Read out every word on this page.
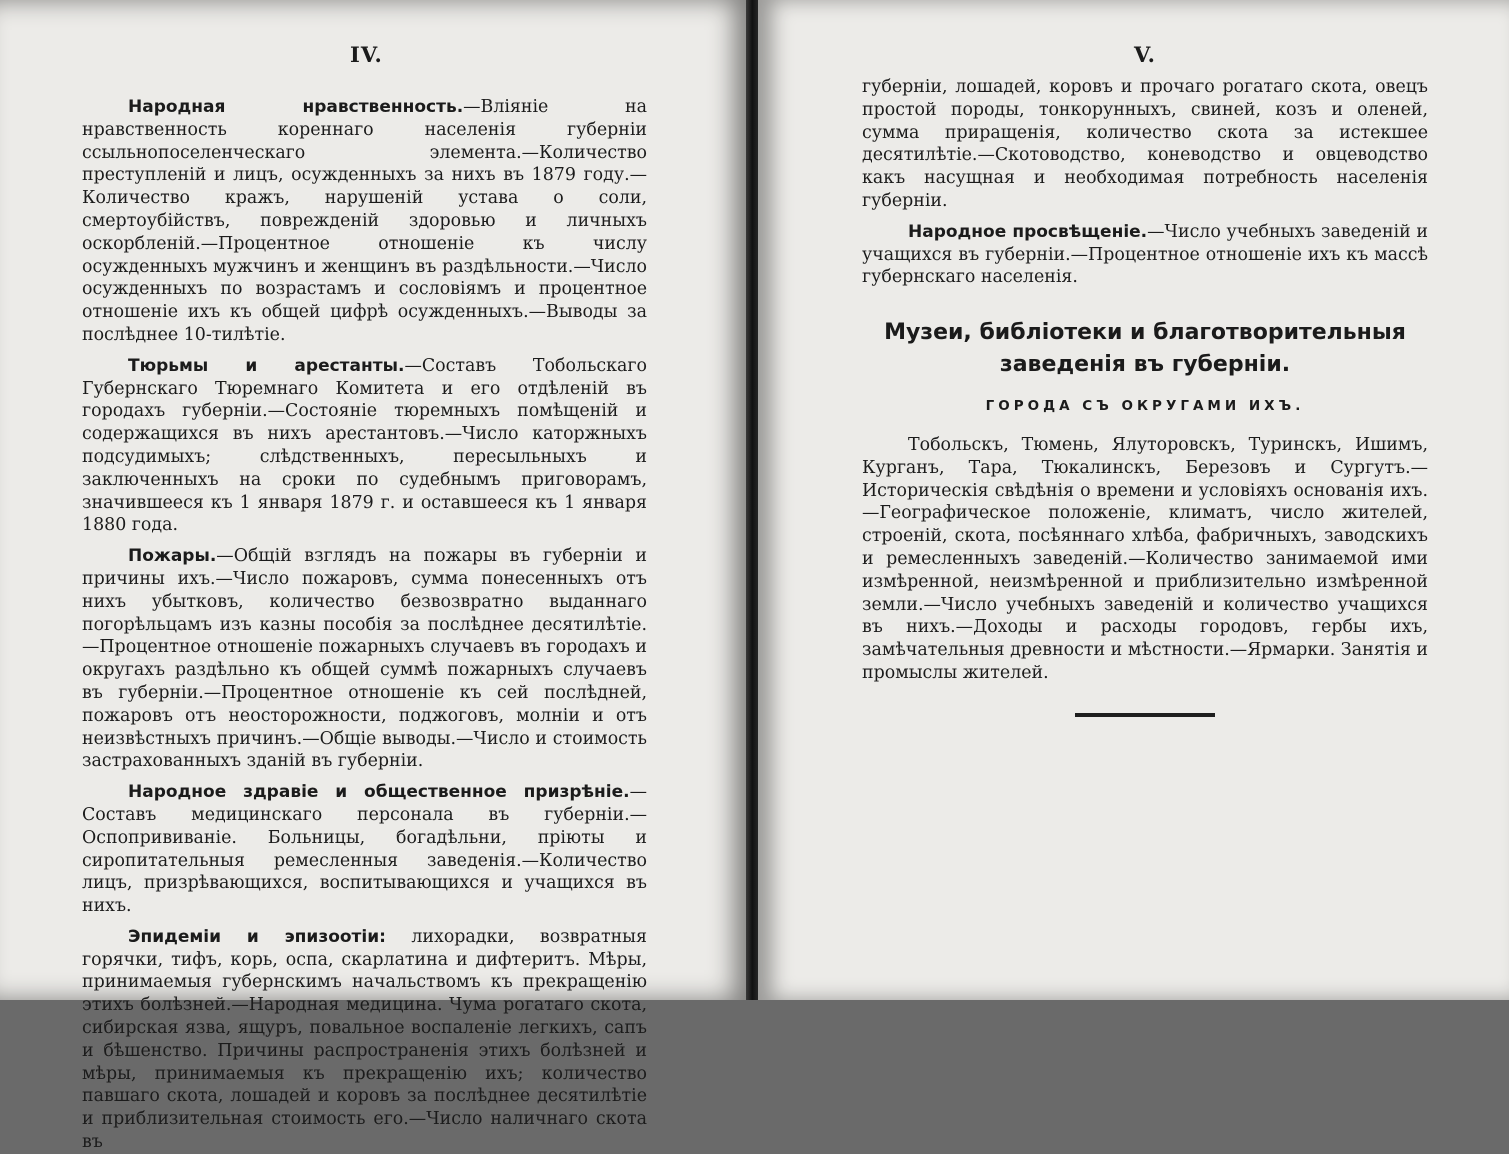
IV.

Народная нравственность.—Вліяніе на нравственность кореннаго населенія губерніи ссыльнопоселенческаго элемента.—Количество преступленій и лицъ, осужденныхъ за нихъ въ 1879 году.—Количество кражъ, нарушеній устава о соли, смертоубійствъ, поврежденій здоровью и личныхъ оскорбленій.—Процентное отношеніе къ числу осужденныхъ мужчинъ и женщинъ въ раздѣльности.—Число осужденныхъ по возрастамъ и сословіямъ и процентное отношеніе ихъ къ общей цифрѣ осужденныхъ.—Выводы за послѣднее 10-тилѣтіе.

Тюрьмы и арестанты.—Составъ Тобольскаго Губернскаго Тюремнаго Комитета и его отдѣленій въ городахъ губерніи.—Состояніе тюремныхъ помѣщеній и содержащихся въ нихъ арестантовъ.—Число каторжныхъ подсудимыхъ; слѣдственныхъ, пересыльныхъ и заключенныхъ на сроки по судебнымъ приговорамъ, значившееся къ 1 января 1879 г. и оставшееся къ 1 января 1880 года.

Пожары.—Общій взглядъ на пожары въ губерніи и причины ихъ.—Число пожаровъ, сумма понесенныхъ отъ нихъ убытковъ, количество безвозвратно выданнаго погорѣльцамъ изъ казны пособія за послѣднее десятилѣтіе.—Процентное отношеніе пожарныхъ случаевъ въ городахъ и округахъ раздѣльно къ общей суммѣ пожарныхъ случаевъ въ губерніи.—Процентное отношеніе къ сей послѣдней, пожаровъ отъ неосторожности, поджоговъ, молніи и отъ неизвѣстныхъ причинъ.—Общіе выводы.—Число и стоимость застрахованныхъ зданій въ губерніи.

Народное здравіе и общественное призрѣніе.—Составъ медицинскаго персонала въ губерніи.—Оспопрививаніе. Больницы, богадѣльни, пріюты и сиропитательныя ремесленныя заведенія.—Количество лицъ, призрѣвающихся, воспитывающихся и учащихся въ нихъ.

Эпидеміи и эпизоотіи: лихорадки, возвратныя горячки, тифъ, корь, оспа, скарлатина и дифтеритъ. Мѣры, принимаемыя губернскимъ начальствомъ къ прекращенію этихъ болѣзней.—Народная медицина. Чума рогатаго скота, сибирская язва, ящуръ, повальное воспаленіе легкихъ, сапъ и бѣшенство. Причины распространенія этихъ болѣзней и мѣры, принимаемыя къ прекращенію ихъ; количество павшаго скота, лошадей и коровъ за послѣднее десятилѣтіе и приблизительная стоимость его.—Число наличнаго скота въ

V.

губерніи, лошадей, коровъ и прочаго рогатаго скота, овецъ простой породы, тонкорунныхъ, свиней, козъ и оленей, сумма приращенія, количество скота за истекшее десятилѣтіе.—Скотоводство, коневодство и овцеводство какъ насущная и необходимая потребность населенія губерніи.

Народное просвѣщеніе.—Число учебныхъ заведеній и учащихся въ губерніи.—Процентное отношеніе ихъ къ массѣ губернскаго населенія.

Музеи, библіотеки и благотворительныя заведенія въ губерніи.
ГОРОДА СЪ ОКРУГАМИ ИХЪ.

Тобольскъ, Тюмень, Ялуторовскъ, Туринскъ, Ишимъ, Курганъ, Тара, Тюкалинскъ, Березовъ и Сургутъ.—Историческія свѣдѣнія о времени и условіяхъ основанія ихъ.—Географическое положеніе, климатъ, число жителей, строеній, скота, посѣяннаго хлѣба, фабричныхъ, заводскихъ и ремесленныхъ заведеній.—Количество занимаемой ими измѣренной, неизмѣренной и приблизительно измѣренной земли.—Число учебныхъ заведеній и количество учащихся въ нихъ.—Доходы и расходы городовъ, гербы ихъ, замѣчательныя древности и мѣстности.—Ярмарки. Занятія и промыслы жителей.
